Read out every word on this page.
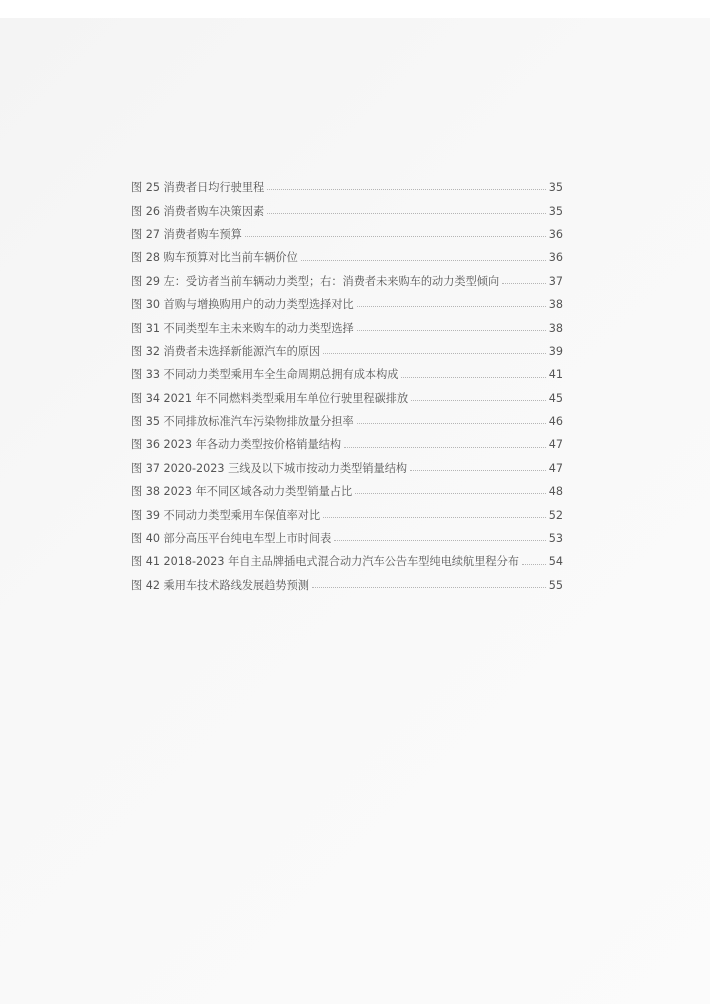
图 25 消费者日均行驶里程	35
图 26 消费者购车决策因素	35
图 27 消费者购车预算	36
图 28 购车预算对比当前车辆价位	36
图 29 左：受访者当前车辆动力类型；右：消费者未来购车的动力类型倾向	37
图 30 首购与增换购用户的动力类型选择对比	38
图 31 不同类型车主未来购车的动力类型选择	38
图 32 消费者未选择新能源汽车的原因	39
图 33 不同动力类型乘用车全生命周期总拥有成本构成	41
图 34 2021 年不同燃料类型乘用车单位行驶里程碳排放	45
图 35 不同排放标准汽车污染物排放量分担率	46
图 36 2023 年各动力类型按价格销量结构	47
图 37 2020-2023 三线及以下城市按动力类型销量结构	47
图 38 2023 年不同区域各动力类型销量占比	48
图 39 不同动力类型乘用车保值率对比	52
图 40 部分高压平台纯电车型上市时间表	53
图 41 2018-2023 年自主品牌插电式混合动力汽车公告车型纯电续航里程分布	54
图 42 乘用车技术路线发展趋势预测	55
